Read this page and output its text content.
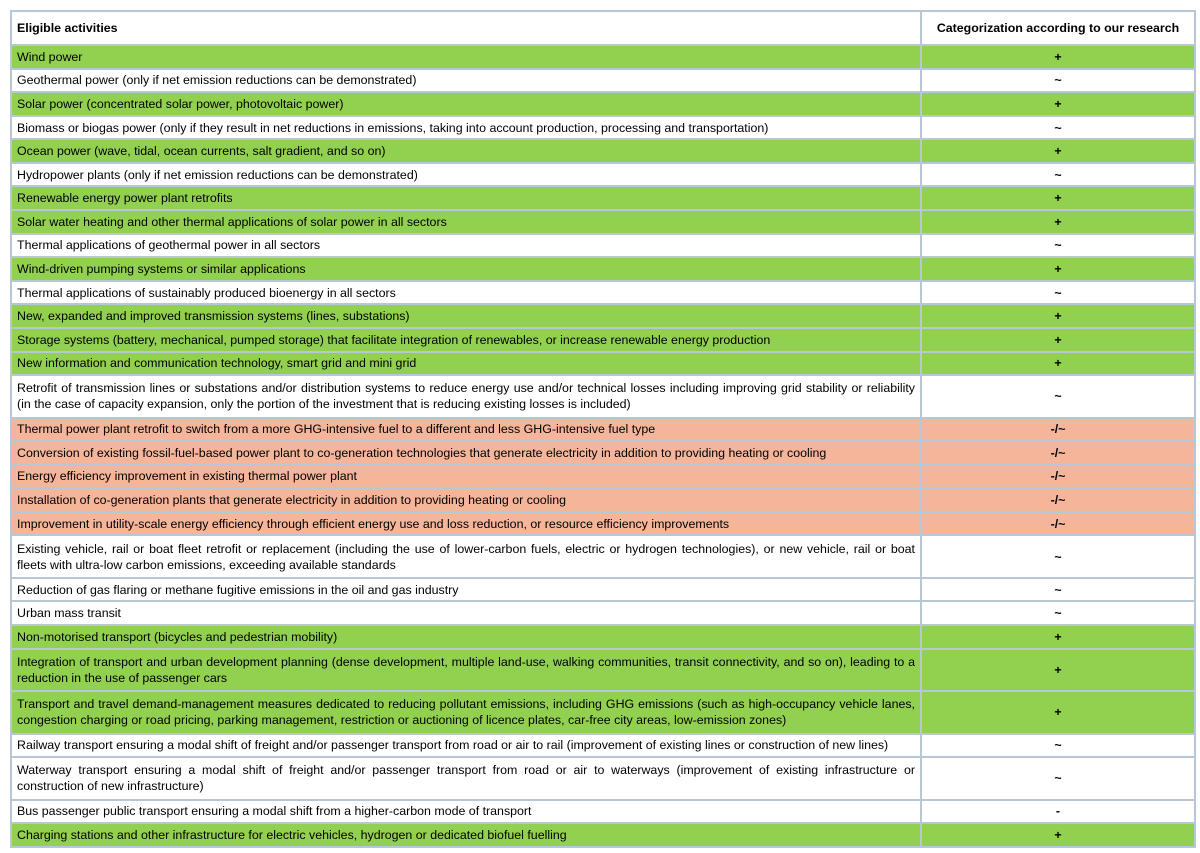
Eligible activities	Categorization according to our research
Wind power	+
Geothermal power (only if net emission reductions can be demonstrated)	~
Solar power (concentrated solar power, photovoltaic power)	+
Biomass or biogas power (only if they result in net reductions in emissions, taking into account production, processing and transportation)	~
Ocean power (wave, tidal, ocean currents, salt gradient, and so on)	+
Hydropower plants (only if net emission reductions can be demonstrated)	~
Renewable energy power plant retrofits	+
Solar water heating and other thermal applications of solar power in all sectors	+
Thermal applications of geothermal power in all sectors	~
Wind-driven pumping systems or similar applications	+
Thermal applications of sustainably produced bioenergy in all sectors	~
New, expanded and improved transmission systems (lines, substations)	+
Storage systems (battery, mechanical, pumped storage) that facilitate integration of renewables, or increase renewable energy production	+
New information and communication technology, smart grid and mini grid	+
Retrofit of transmission lines or substations and/or distribution systems to reduce energy use and/or technical losses including improving grid stability or reliability (in the case of capacity expansion, only the portion of the investment that is reducing existing losses is included)	~
Thermal power plant retrofit to switch from a more GHG-intensive fuel to a different and less GHG-intensive fuel type	-/~
Conversion of existing fossil-fuel-based power plant to co-generation technologies that generate electricity in addition to providing heating or cooling	-/~
Energy efficiency improvement in existing thermal power plant	-/~
Installation of co-generation plants that generate electricity in addition to providing heating or cooling	-/~
Improvement in utility-scale energy efficiency through efficient energy use and loss reduction, or resource efficiency improvements	-/~
Existing vehicle, rail or boat fleet retrofit or replacement (including the use of lower-carbon fuels, electric or hydrogen technologies), or new vehicle, rail or boat fleets with ultra-low carbon emissions, exceeding available standards	~
Reduction of gas flaring or methane fugitive emissions in the oil and gas industry	~
Urban mass transit	~
Non-motorised transport (bicycles and pedestrian mobility)	+
Integration of transport and urban development planning (dense development, multiple land-use, walking communities, transit connectivity, and so on), leading to a reduction in the use of passenger cars	+
Transport and travel demand-management measures dedicated to reducing pollutant emissions, including GHG emissions (such as high-occupancy vehicle lanes, congestion charging or road pricing, parking management, restriction or auctioning of licence plates, car-free city areas, low-emission zones)	+
Railway transport ensuring a modal shift of freight and/or passenger transport from road or air to rail (improvement of existing lines or construction of new lines)	~
Waterway transport ensuring a modal shift of freight and/or passenger transport from road or air to waterways (improvement of existing infrastructure or construction of new infrastructure)	~
Bus passenger public transport ensuring a modal shift from a higher-carbon mode of transport	-
Charging stations and other infrastructure for electric vehicles, hydrogen or dedicated biofuel fuelling	+
